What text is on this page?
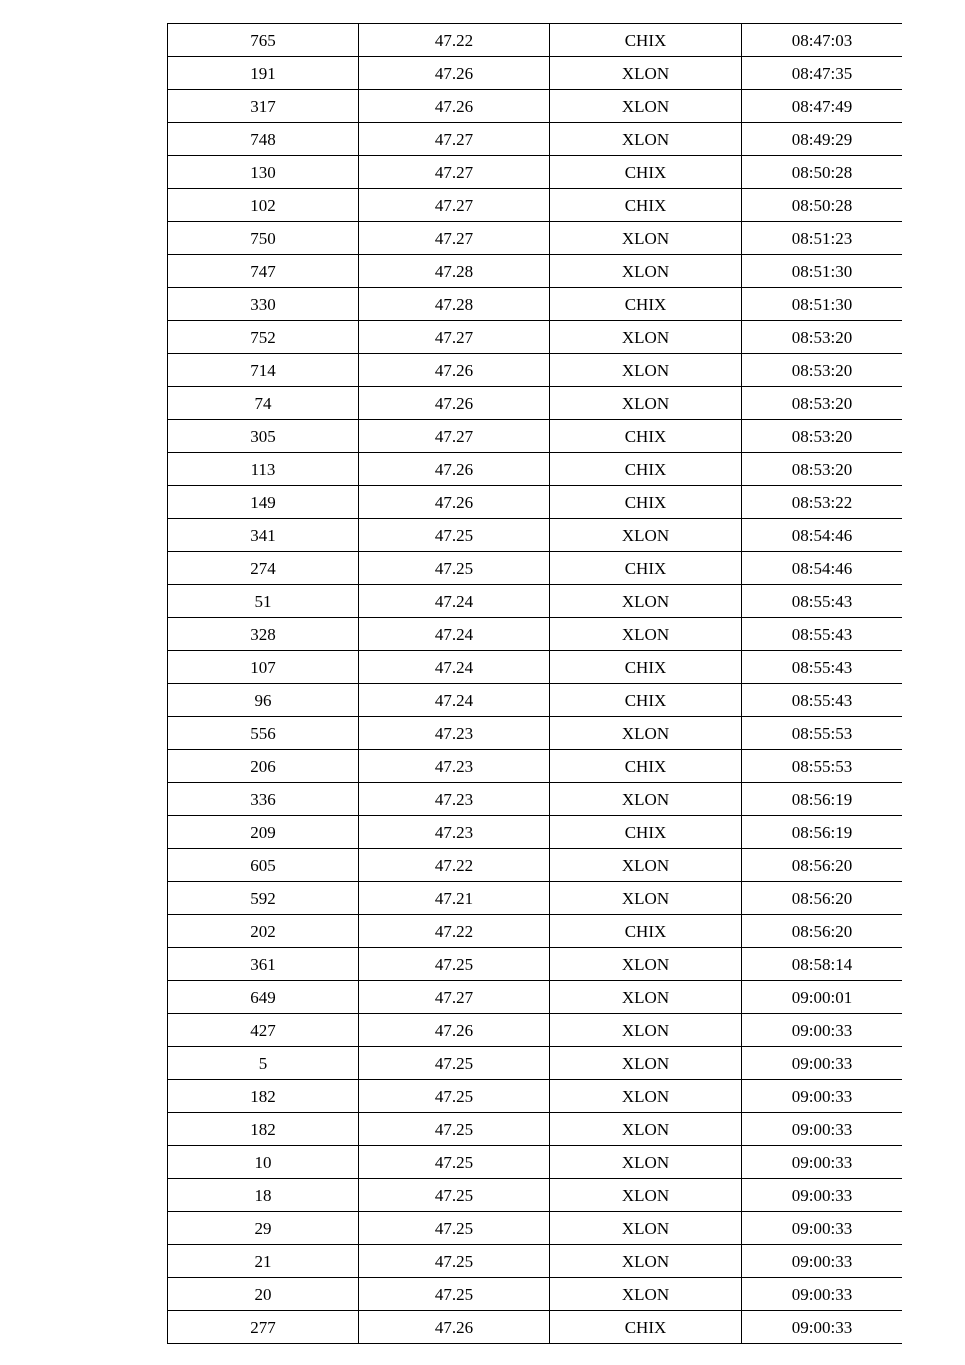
765	47.22	CHIX	08:47:03
191	47.26	XLON	08:47:35
317	47.26	XLON	08:47:49
748	47.27	XLON	08:49:29
130	47.27	CHIX	08:50:28
102	47.27	CHIX	08:50:28
750	47.27	XLON	08:51:23
747	47.28	XLON	08:51:30
330	47.28	CHIX	08:51:30
752	47.27	XLON	08:53:20
714	47.26	XLON	08:53:20
74	47.26	XLON	08:53:20
305	47.27	CHIX	08:53:20
113	47.26	CHIX	08:53:20
149	47.26	CHIX	08:53:22
341	47.25	XLON	08:54:46
274	47.25	CHIX	08:54:46
51	47.24	XLON	08:55:43
328	47.24	XLON	08:55:43
107	47.24	CHIX	08:55:43
96	47.24	CHIX	08:55:43
556	47.23	XLON	08:55:53
206	47.23	CHIX	08:55:53
336	47.23	XLON	08:56:19
209	47.23	CHIX	08:56:19
605	47.22	XLON	08:56:20
592	47.21	XLON	08:56:20
202	47.22	CHIX	08:56:20
361	47.25	XLON	08:58:14
649	47.27	XLON	09:00:01
427	47.26	XLON	09:00:33
5	47.25	XLON	09:00:33
182	47.25	XLON	09:00:33
182	47.25	XLON	09:00:33
10	47.25	XLON	09:00:33
18	47.25	XLON	09:00:33
29	47.25	XLON	09:00:33
21	47.25	XLON	09:00:33
20	47.25	XLON	09:00:33
277	47.26	CHIX	09:00:33
